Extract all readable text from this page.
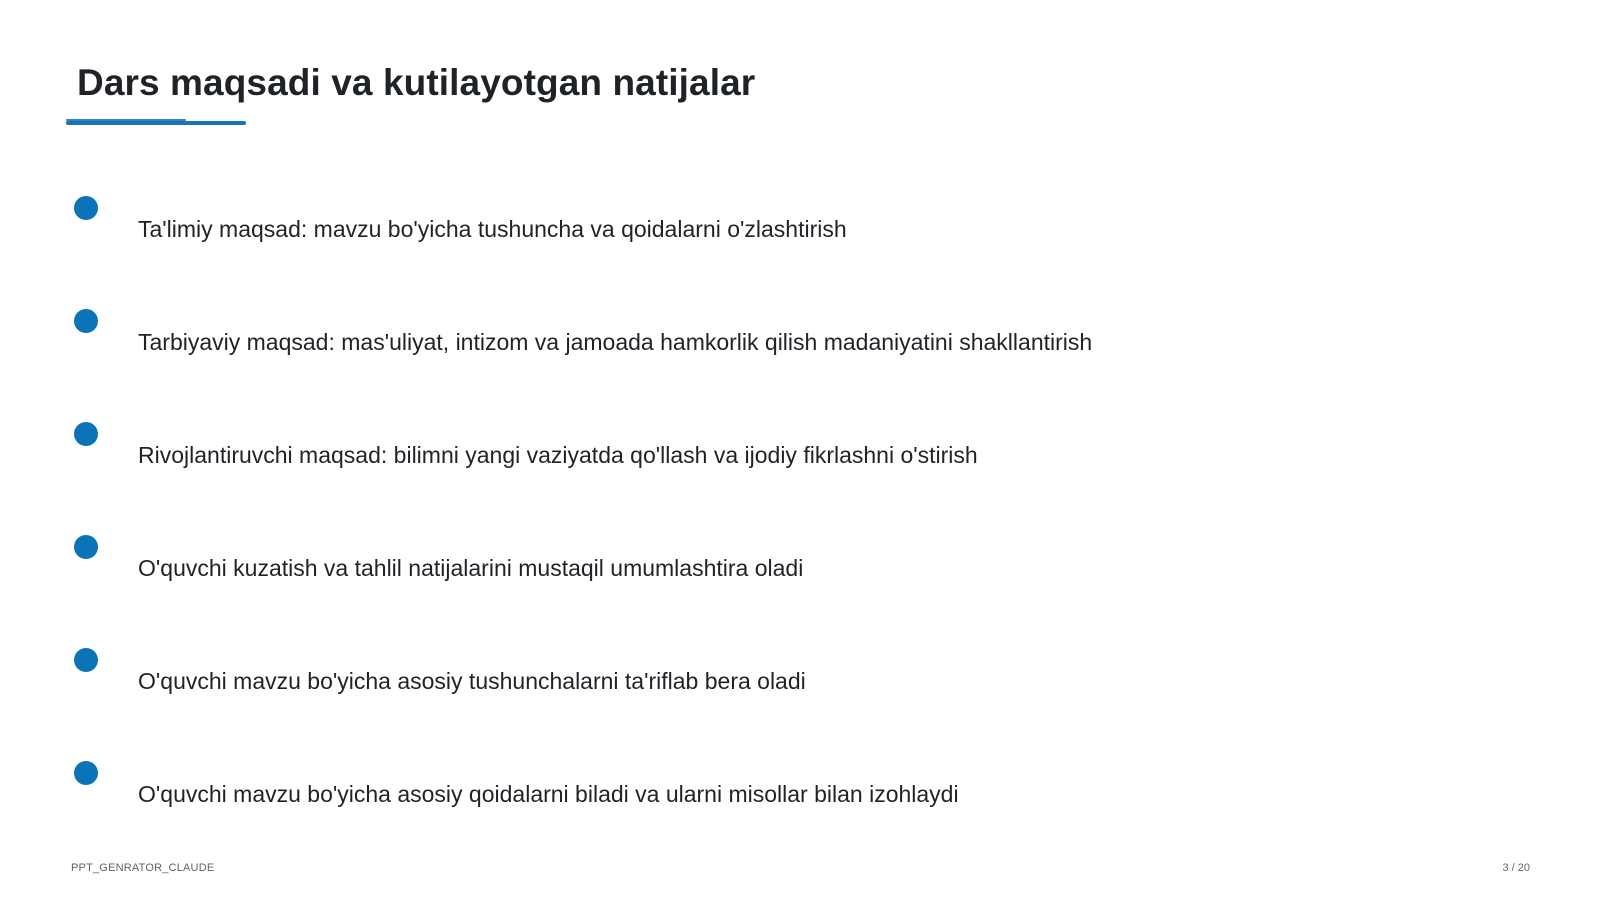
Dars maqsadi va kutilayotgan natijalar
Ta'limiy maqsad: mavzu bo'yicha tushuncha va qoidalarni o'zlashtirish
Tarbiyaviy maqsad: mas'uliyat, intizom va jamoada hamkorlik qilish madaniyatini shakllantirish
Rivojlantiruvchi maqsad: bilimni yangi vaziyatda qo'llash va ijodiy fikrlashni o'stirish
O'quvchi kuzatish va tahlil natijalarini mustaqil umumlashtira oladi
O'quvchi mavzu bo'yicha asosiy tushunchalarni ta'riflab bera oladi
O'quvchi mavzu bo'yicha asosiy qoidalarni biladi va ularni misollar bilan izohlaydi
PPT_GENRATOR_CLAUDE	3 / 20
